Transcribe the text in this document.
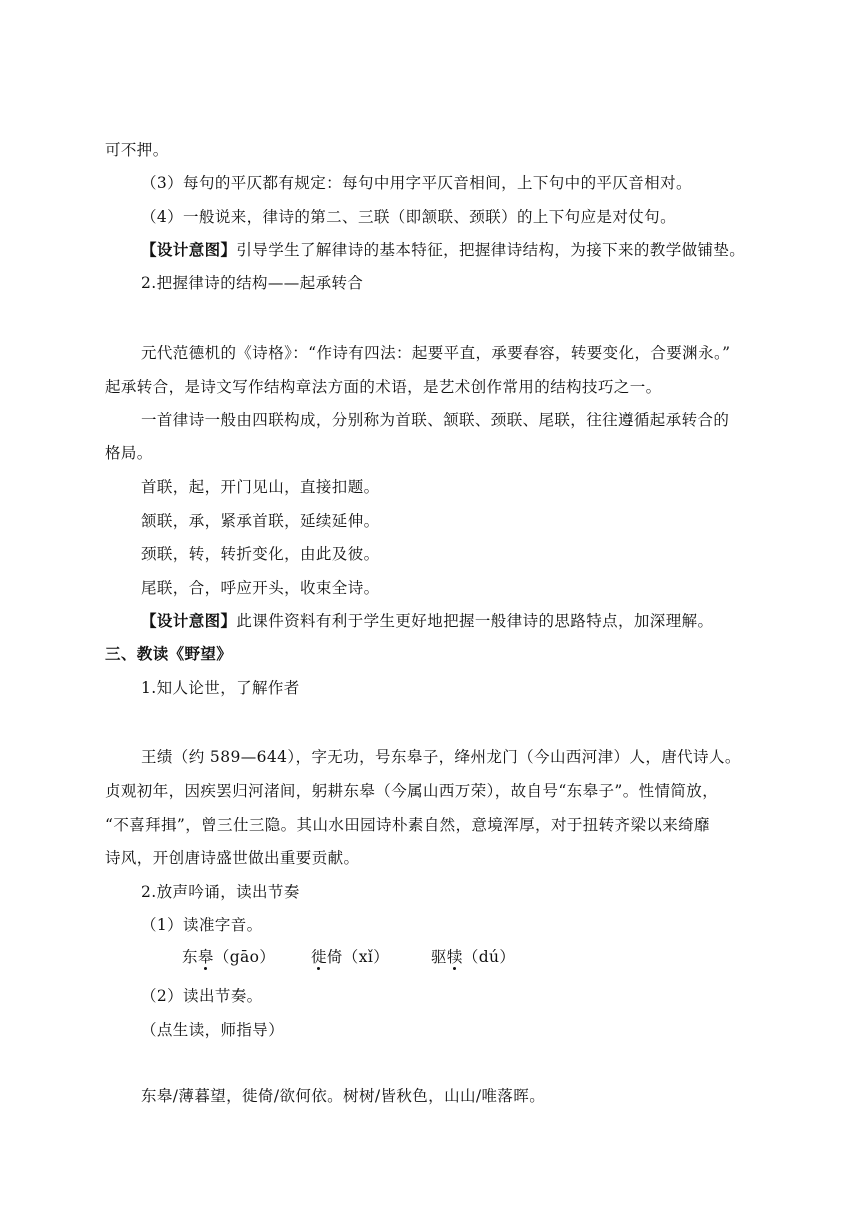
可不押。
（3）每句的平仄都有规定：每句中用字平仄音相间，上下句中的平仄音相对。
（4）一般说来，律诗的第二、三联（即颔联、颈联）的上下句应是对仗句。
【设计意图】引导学生了解律诗的基本特征，把握律诗结构，为接下来的教学做铺垫。
2.把握律诗的结构——起承转合
元代范德机的《诗格》：“作诗有四法：起要平直，承要春容，转要变化，合要渊永。”
起承转合，是诗文写作结构章法方面的术语，是艺术创作常用的结构技巧之一。
一首律诗一般由四联构成，分别称为首联、颔联、颈联、尾联，往往遵循起承转合的
格局。
首联，起，开门见山，直接扣题。
颔联，承，紧承首联，延续延伸。
颈联，转，转折变化，由此及彼。
尾联，合，呼应开头，收束全诗。
【设计意图】此课件资料有利于学生更好地把握一般律诗的思路特点，加深理解。
三、教读《野望》
1.知人论世，了解作者
王绩（约 589—644），字无功，号东皋子，绛州龙门（今山西河津）人，唐代诗人。
贞观初年，因疾罢归河渚间，躬耕东皋（今属山西万荣），故自号“东皋子”。性情简放，
“不喜拜揖”，曾三仕三隐。其山水田园诗朴素自然，意境浑厚，对于扭转齐梁以来绮靡
诗风，开创唐诗盛世做出重要贡献。
2.放声吟诵，读出节奏
（1）读准字音。
东皋（gāo） 徙倚（xǐ）	驱犊（dú）
（2）读出节奏。
（点生读，师指导）
东皋/薄暮望，徙倚/欲何依。树树/皆秋色，山山/唯落晖。
